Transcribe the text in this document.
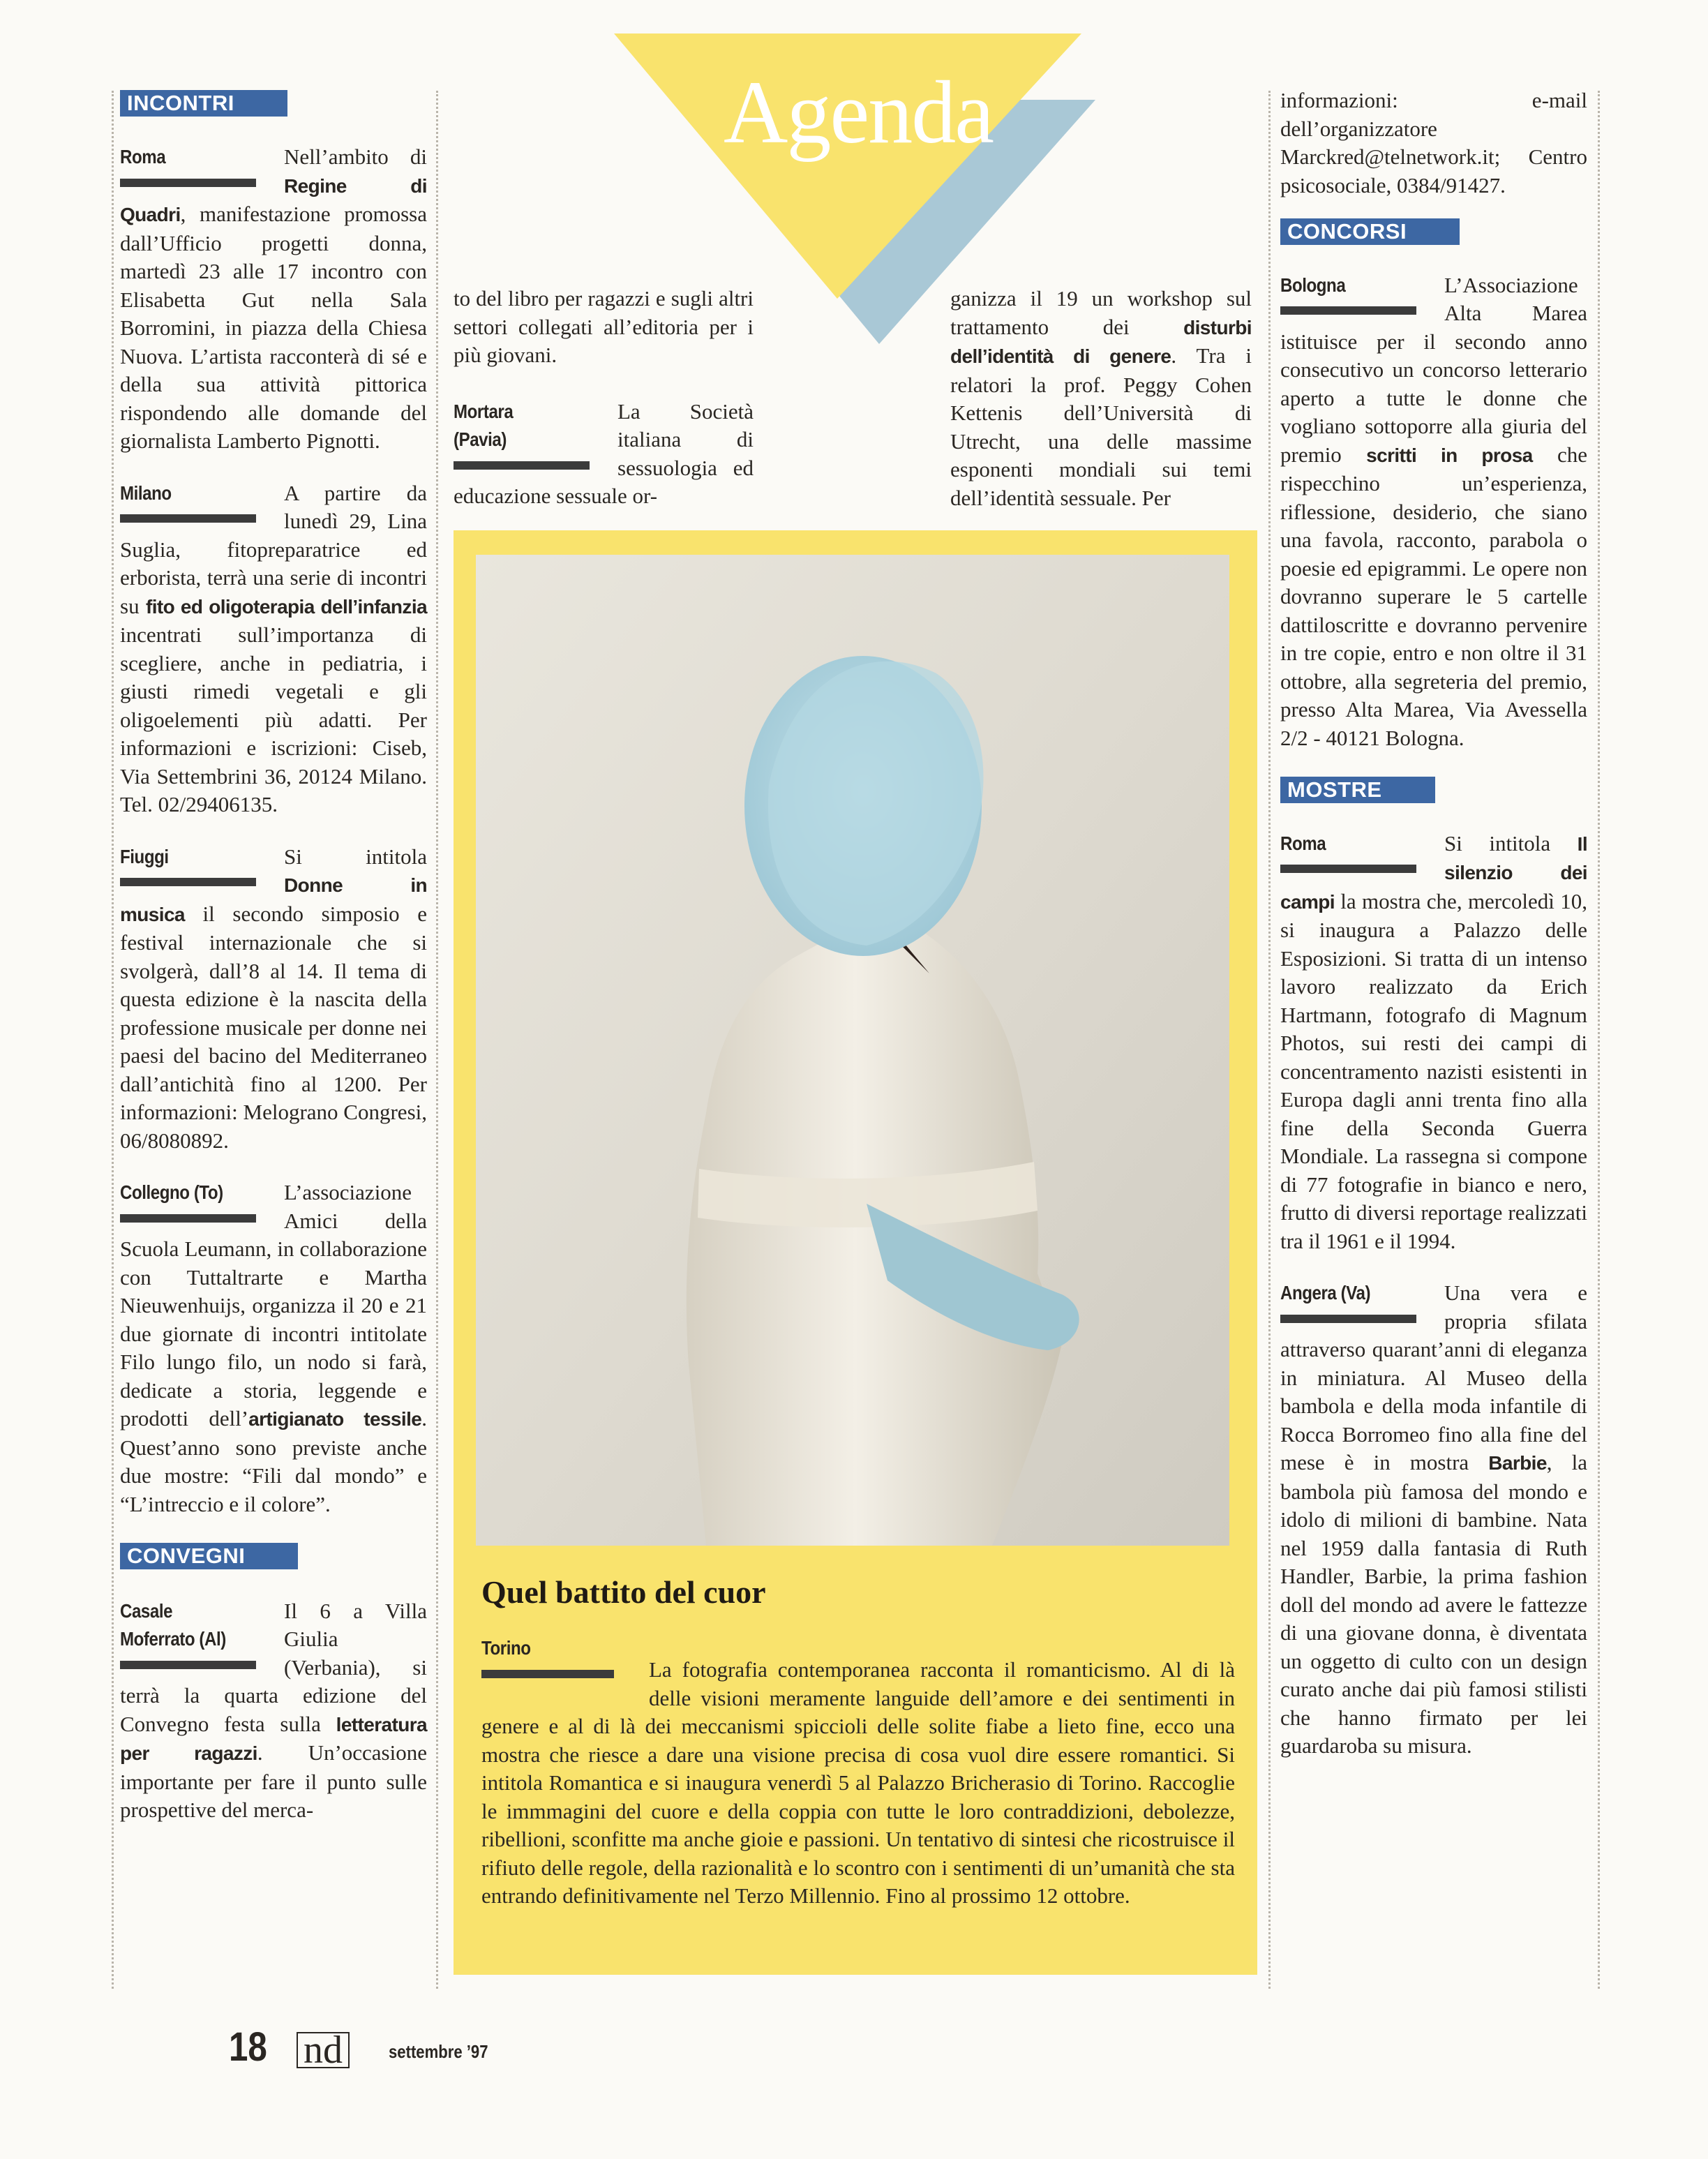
Agenda
INCONTRI
Roma	Nell’ambito di Regine di Quadri, manifestazione promossa dall’Ufficio progetti donna, martedì 23 alle 17 incontro con Elisabetta Gut nella Sala Borromini, in piazza della Chiesa Nuova. L’artista racconterà di sé e della sua attività pittorica rispondendo alle domande del giornalista Lamberto Pignotti.

Milano	A partire da lunedì 29, Lina Suglia, fitopreparatrice ed erborista, terrà una serie di incontri su fito ed oligoterapia dell’infanzia incentrati sull’importanza di scegliere, anche in pediatria, i giusti rimedi vegetali e gli oligoelementi più adatti. Per informazioni e iscrizioni: Ciseb, Via Settembrini 36, 20124 Milano. Tel. 02/29406135.

Fiuggi	Si intitola Donne in musica il secondo simposio e festival internazionale che si svolgerà, dall’8 al 14. Il tema di questa edizione è la nascita della professione musicale per donne nei paesi del bacino del Mediterraneo dall’antichità fino al 1200. Per informazioni: Melograno Congresi, 06/8080892.

Collegno (To)	L’associazione Amici della Scuola Leumann, in collaborazione con Tuttaltrarte e Martha Nieuwenhuijs, organizza il 20 e 21 due giornate di incontri intitolate Filo lungo filo, un nodo si farà, dedicate a storia, leggende e prodotti dell’artigianato tessile. Quest’anno sono previste anche due mostre: “Fili dal mondo” e “L’intreccio e il colore”.

CONVEGNI
Casale
Moferrato (Al)

Il 6 a Villa Giulia (Verbania), si terrà la quarta edizione del Convegno festa sulla letteratura per ragazzi. Un’occasione importante per fare il punto sulle prospettive del merca-

to del libro per ragazzi e sugli altri settori collegati all’editoria per i più giovani.

Mortara
(Pavia)

La Società italiana di sessuologia ed educazione sessuale or-

ganizza il 19 un workshop sul trattamento dei disturbi dell’identità di genere. Tra i relatori la prof. Peggy Cohen Kettenis dell’Università di Utrecht, una delle massime esponenti mondiali sui temi dell’identità sessuale. Per

Quel battito del cuor
Torino

La fotografia contemporanea racconta il romanticismo. Al di là delle visioni meramente languide dell’amore e dei sentimenti in genere e al di là dei meccanismi spiccioli delle solite fiabe a lieto fine, ecco una mostra che riesce a dare una visione precisa di cosa vuol dire essere romantici. Si intitola Romantica e si inaugura venerdì 5 al Palazzo Bricherasio di Torino. Raccoglie le immmagini del cuore e della coppia con tutte le loro contraddizioni, debolezze, ribellioni, sconfitte ma anche gioie e passioni. Un tentativo di sintesi che ricostruisce il rifiuto delle regole, della razionalità e lo scontro con i sentimenti di un’umanità che sta entrando definitivamente nel Terzo Millennio. Fino al prossimo 12 ottobre.

informazioni: e-mail dell’organizzatore Marckred@telnetwork.it; Centro psicosociale, 0384/91427.

CONCORSI
Bologna	L’Associazione Alta Marea istituisce per il secondo anno consecutivo un concorso letterario aperto a tutte le donne che vogliano sottoporre alla giuria del premio scritti in prosa che rispecchino un’esperienza, riflessione, desiderio, che siano una favola, racconto, parabola o poesie ed epigrammi. Le opere non dovranno superare le 5 cartelle dattiloscritte e dovranno pervenire in tre copie, entro e non oltre il 31 ottobre, alla segreteria del premio, presso Alta Marea, Via Avessella 2/2 - 40121 Bologna.

MOSTRE
Roma	Si intitola Il silenzio dei campi la mostra che, mercoledì 10, si inaugura a Palazzo delle Esposizioni. Si tratta di un intenso lavoro realizzato da Erich Hartmann, fotografo di Magnum Photos, sui resti dei campi di concentramento nazisti esistenti in Europa dagli anni trenta fino alla fine della Seconda Guerra Mondiale. La rassegna si compone di 77 fotografie in bianco e nero, frutto di diversi reportage realizzati tra il 1961 e il 1994.

Angera (Va)	Una vera e propria sfilata attraverso quarant’anni di eleganza in miniatura. Al Museo della bambola e della moda infantile di Rocca Borromeo fino alla fine del mese è in mostra Barbie, la bambola più famosa del mondo e idolo di milioni di bambine. Nata nel 1959 dalla fantasia di Ruth Handler, Barbie, la prima fashion doll del mondo ad avere le fattezze di una giovane donna, è diventata un oggetto di culto con un design curato anche dai più famosi stilisti che hanno firmato per lei guardaroba su misura.

18 nd	settembre ’97
